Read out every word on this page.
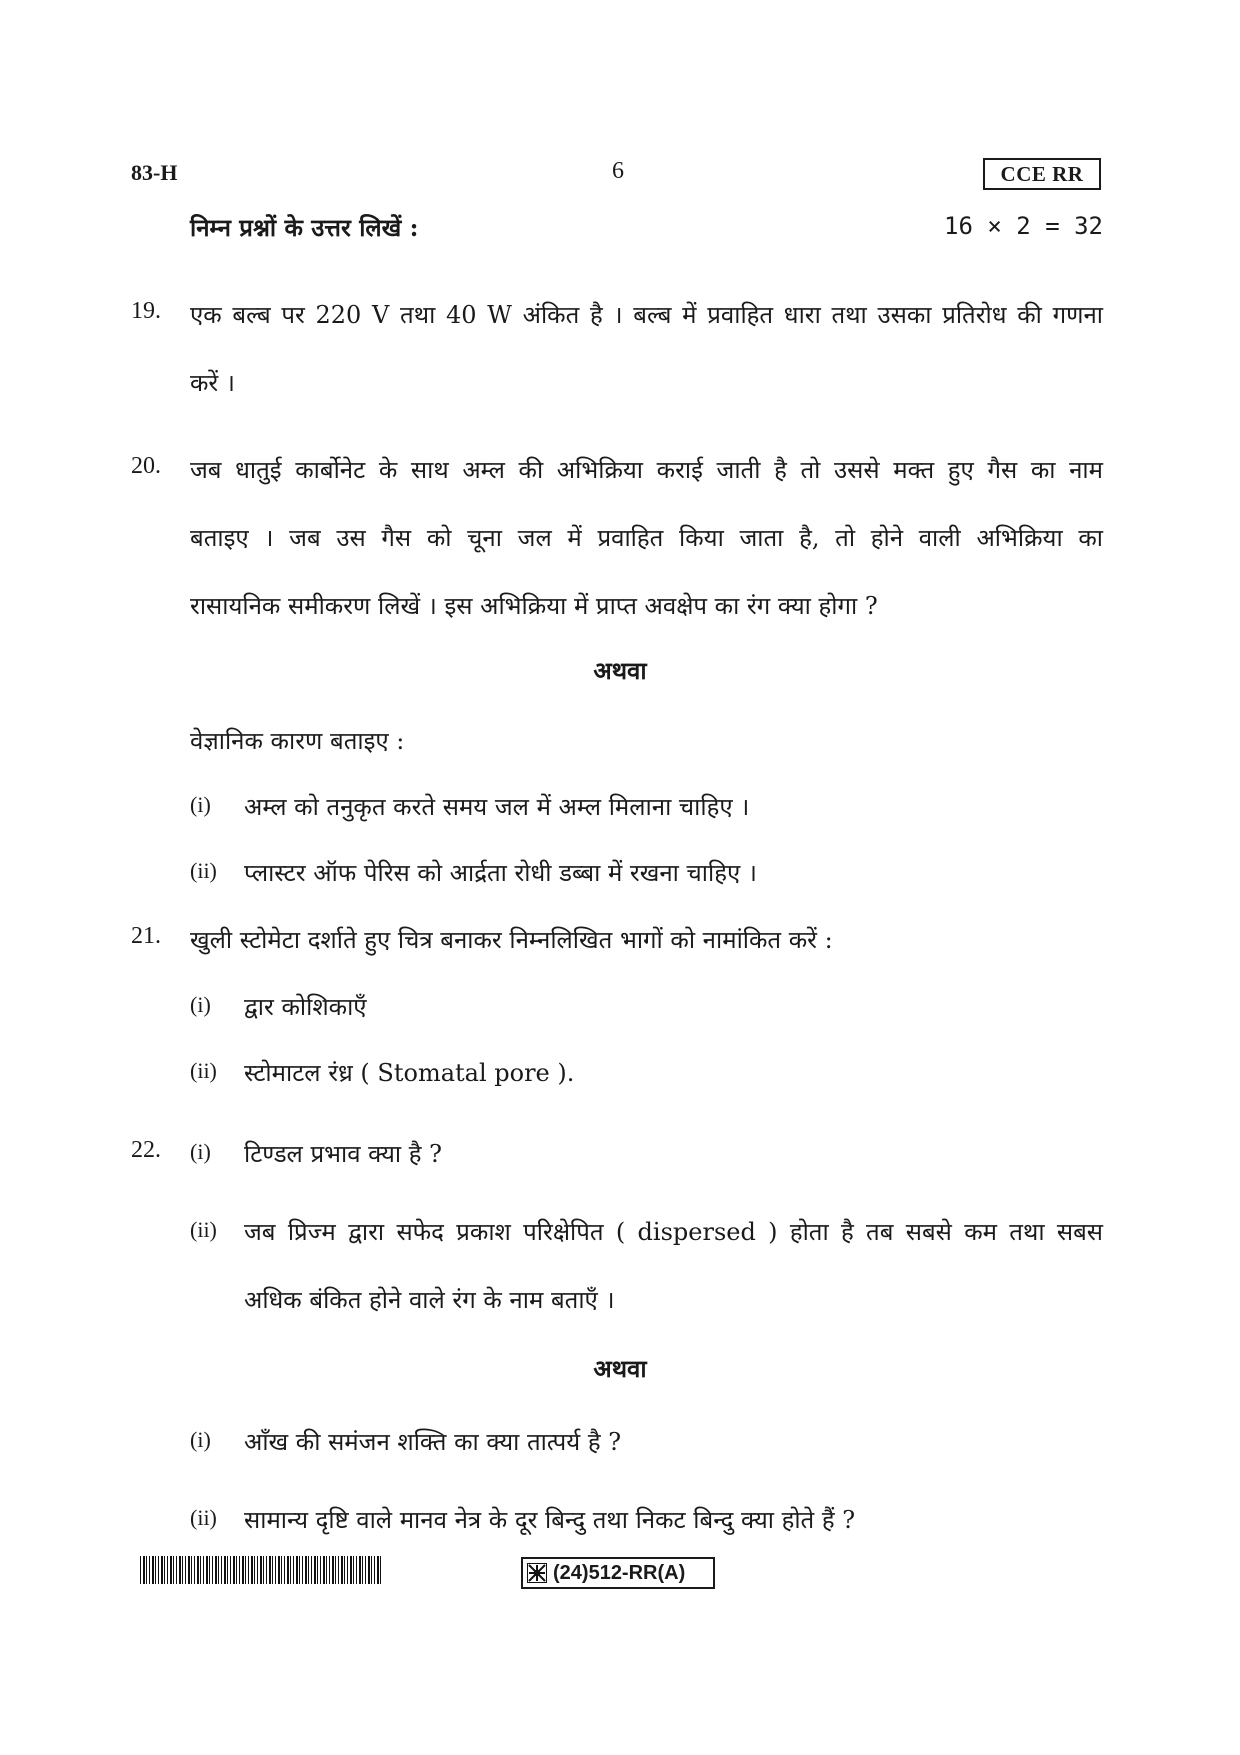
83-H	6	CCE RR
निम्न प्रश्नों के उत्तर लिखें :	16 × 2 = 32
19. एक बल्ब पर 220 V तथा 40 W अंकित है । बल्ब में प्रवाहित धारा तथा उसका प्रतिरोध की गणना
करें ।
20. जब धातुई कार्बोनेट के साथ अम्ल की अभिक्रिया कराई जाती है तो उससे मक्त हुए गैस का नाम
बताइए । जब उस गैस को चूना जल में प्रवाहित किया जाता है, तो होने वाली अभिक्रिया का
रासायनिक समीकरण लिखें । इस अभिक्रिया में प्राप्त अवक्षेप का रंग क्या होगा ?
अथवा
वेज्ञानिक कारण बताइए :
(i) अम्ल को तनुकृत करते समय जल में अम्ल मिलाना चाहिए ।
(ii) प्लास्टर ऑफ पेरिस को आर्द्रता रोधी डब्बा में रखना चाहिए ।
21. खुली स्टोमेटा दर्शाते हुए चित्र बनाकर निम्नलिखित भागों को नामांकित करें :
(i) द्वार कोशिकाएँ
(ii) स्टोमाटल रंध्र ( Stomatal pore ).
22. (i) टिण्डल प्रभाव क्या है ?
(ii) जब प्रिज्म द्वारा सफेद प्रकाश परिक्षेपित ( dispersed ) होता है तब सबसे कम तथा सबस
अधिक बंकित होने वाले रंग के नाम बताएँ ।
अथवा
(i) आँख की समंजन शक्ति का क्या तात्पर्य है ?
(ii) सामान्य दृष्टि वाले मानव नेत्र के दूर बिन्दु तथा निकट बिन्दु क्या होते हैं ?
(24)512-RR(A)
